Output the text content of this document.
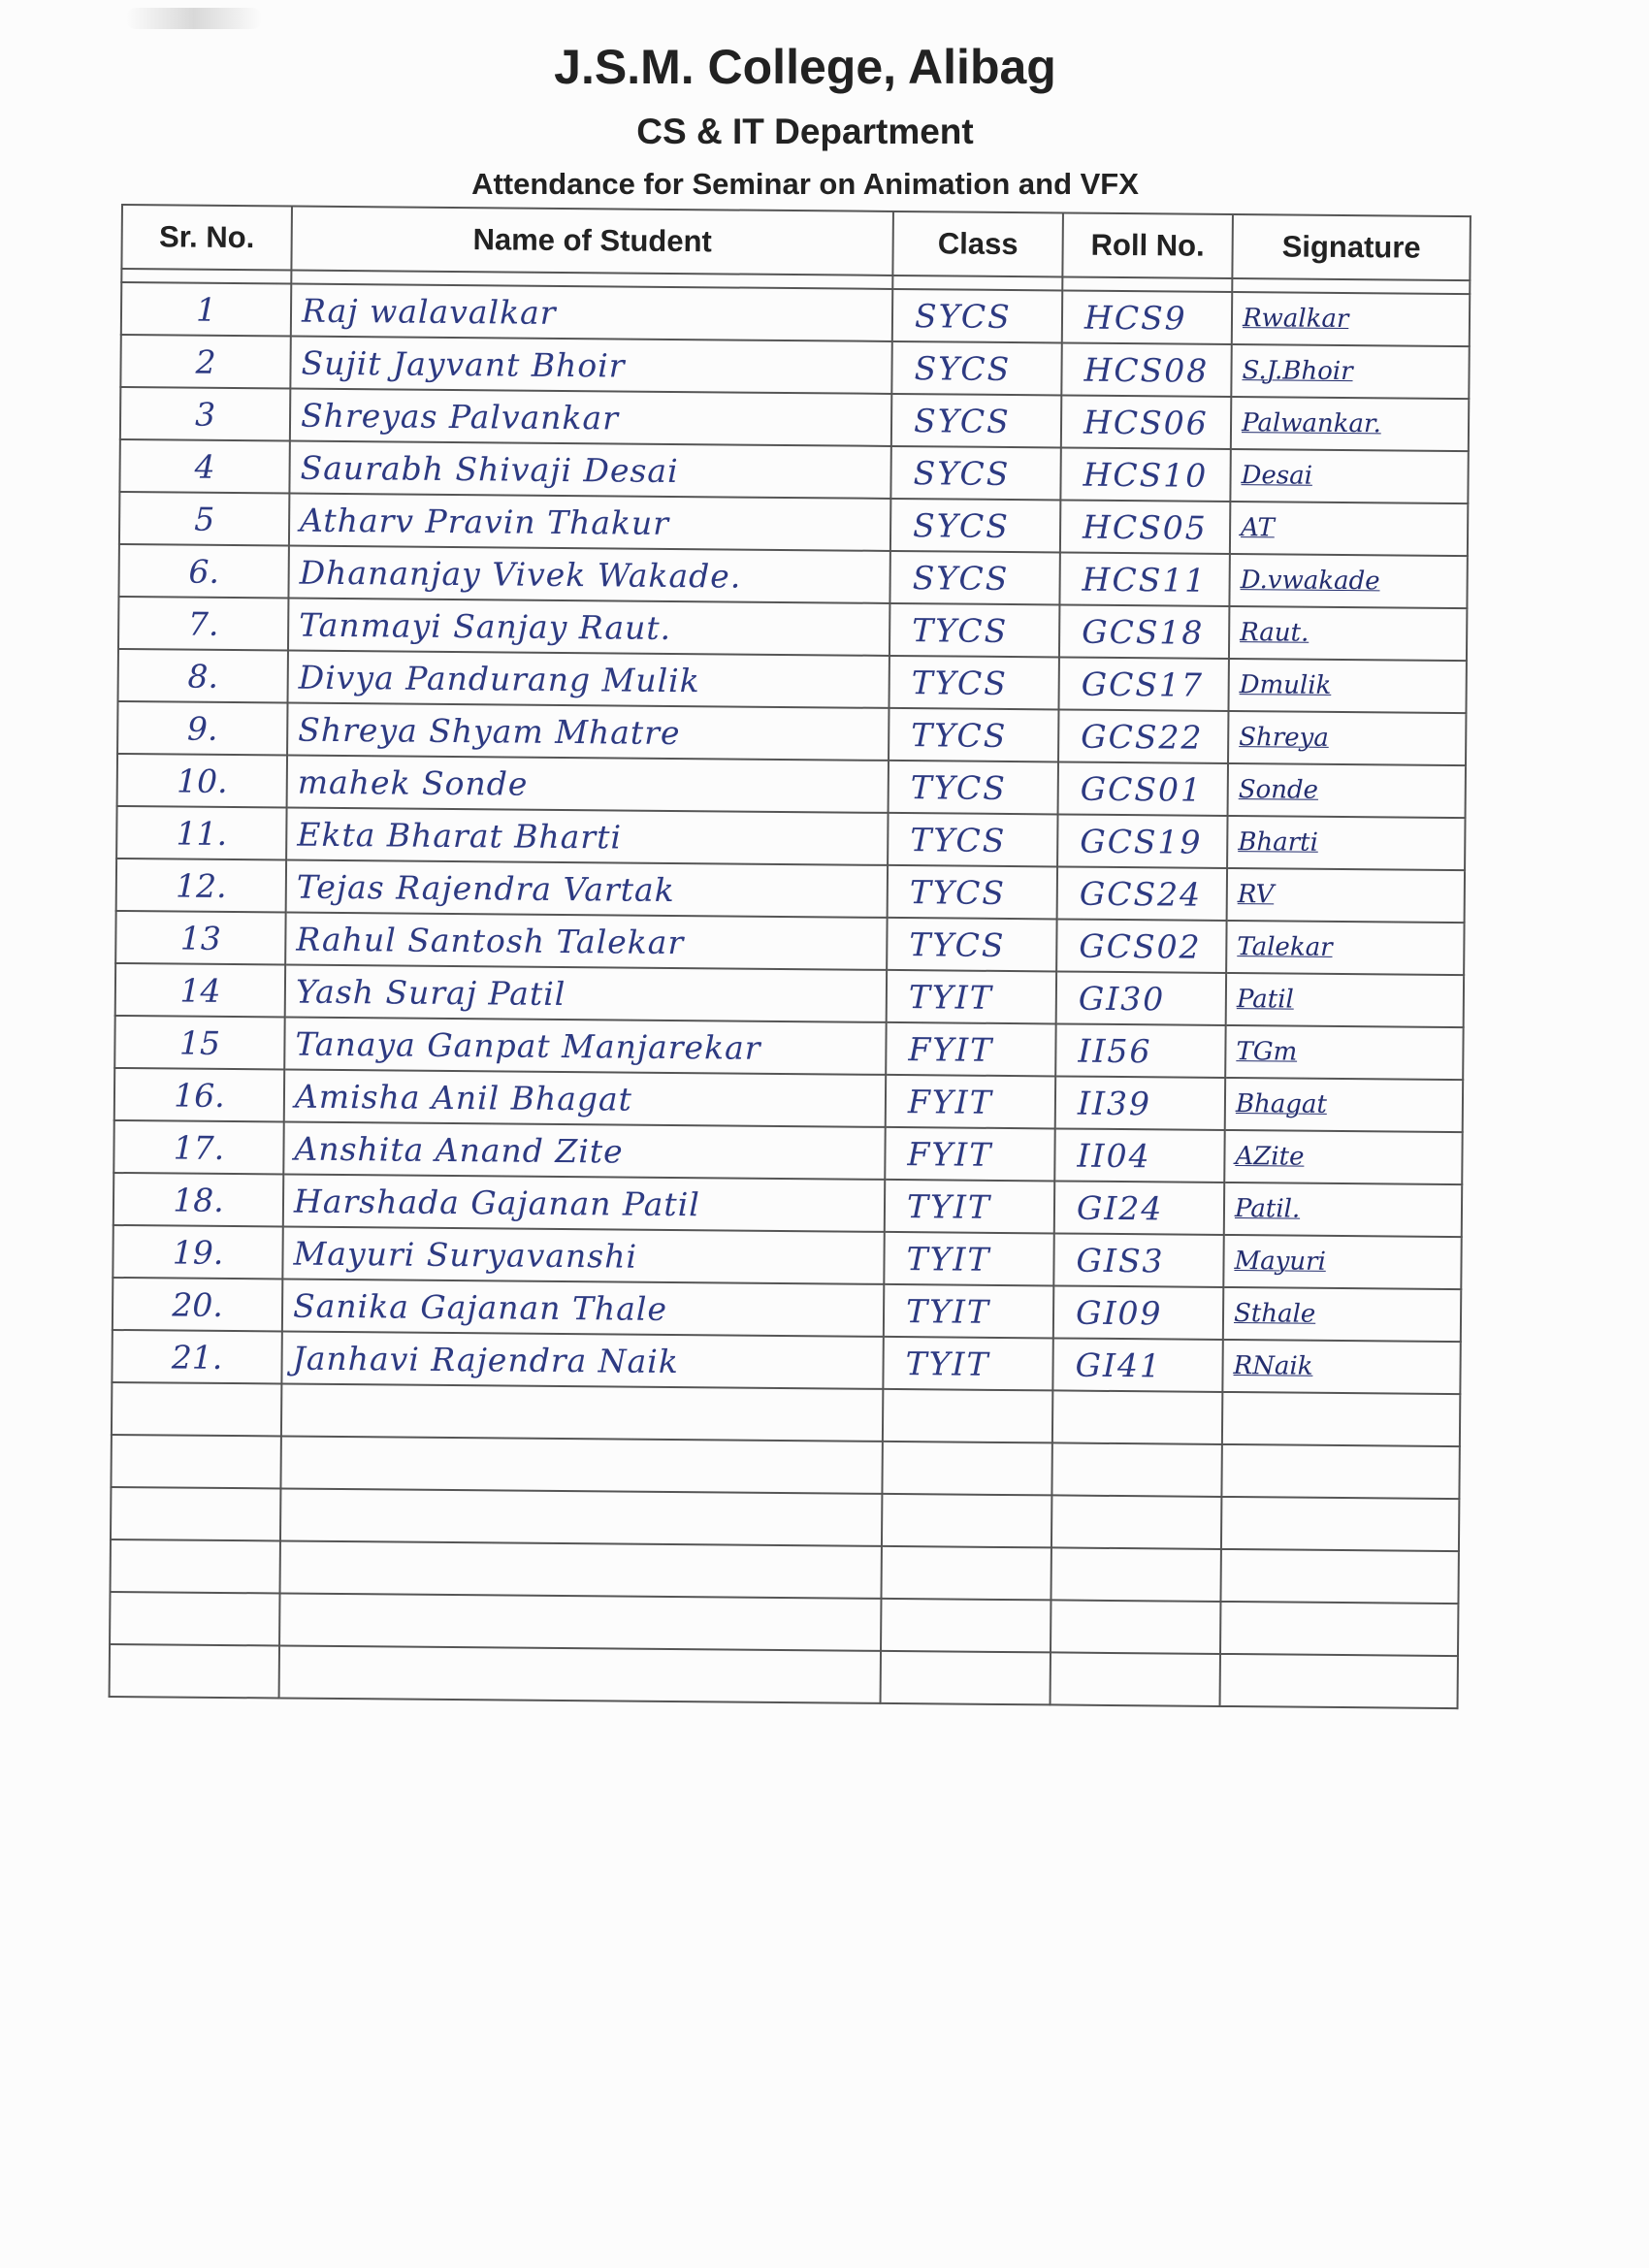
J.S.M. College, Alibag
CS & IT Department
Attendance for Seminar on Animation and VFX
Sr. No.	Name of Student	Class	Roll No.	Signature

1	Raj walavalkar	SYCS	HCS9	Rwalkar
2	Sujit Jayvant Bhoir	SYCS	HCS08	S.J.Bhoir
3	Shreyas Palvankar	SYCS	HCS06	Palwankar.
4	Saurabh Shivaji Desai	SYCS	HCS10	Desai
5	Atharv Pravin Thakur	SYCS	HCS05	AT
6.	Dhananjay Vivek Wakade.	SYCS	HCS11	D.vwakade
7.	Tanmayi Sanjay Raut.	TYCS	GCS18	Raut.
8.	Divya Pandurang Mulik	TYCS	GCS17	Dmulik
9.	Shreya Shyam Mhatre	TYCS	GCS22	Shreya
10.	mahek Sonde	TYCS	GCS01	Sonde
11.	Ekta Bharat Bharti	TYCS	GCS19	Bharti
12.	Tejas Rajendra Vartak	TYCS	GCS24	RV
13	Rahul Santosh Talekar	TYCS	GCS02	Talekar
14	Yash Suraj Patil	TYIT	GI30	Patil
15	Tanaya Ganpat Manjarekar	FYIT	II56	TGm
16.	Amisha Anil Bhagat	FYIT	II39	Bhagat
17.	Anshita Anand Zite	FYIT	II04	AZite
18.	Harshada Gajanan Patil	TYIT	GI24	Patil.
19.	Mayuri Suryavanshi	TYIT	GIS3	Mayuri
20.	Sanika Gajanan Thale	TYIT	GI09	Sthale
21.	Janhavi Rajendra Naik	TYIT	GI41	RNaik
